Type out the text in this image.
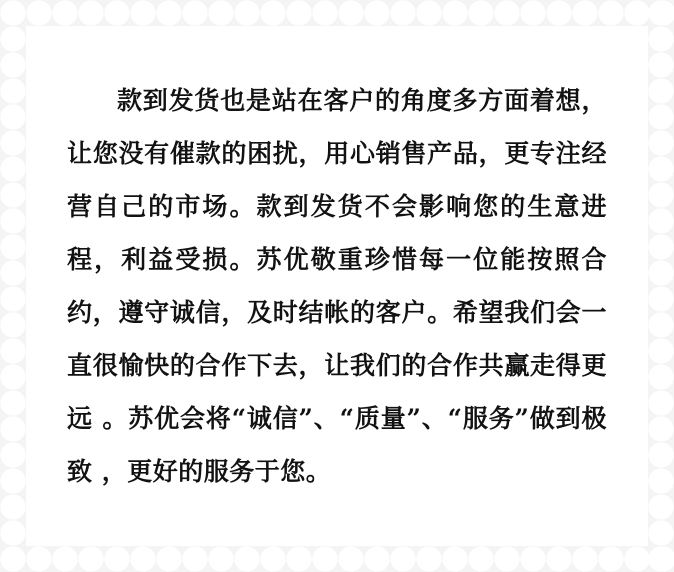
款到发货也是站在客户的角度多方面着想，让您没有催款的困扰，用心销售产品，更专注经营自己的市场。款到发货不会影响您的生意进程，利益受损。苏优敬重珍惜每一位能按照合约，遵守诚信，及时结帐的客户。希望我们会一直很愉快的合作下去，让我们的合作共赢走得更远 。苏优会将“诚信”、“质量”、“服务”做到极致 ，更好的服务于您。
